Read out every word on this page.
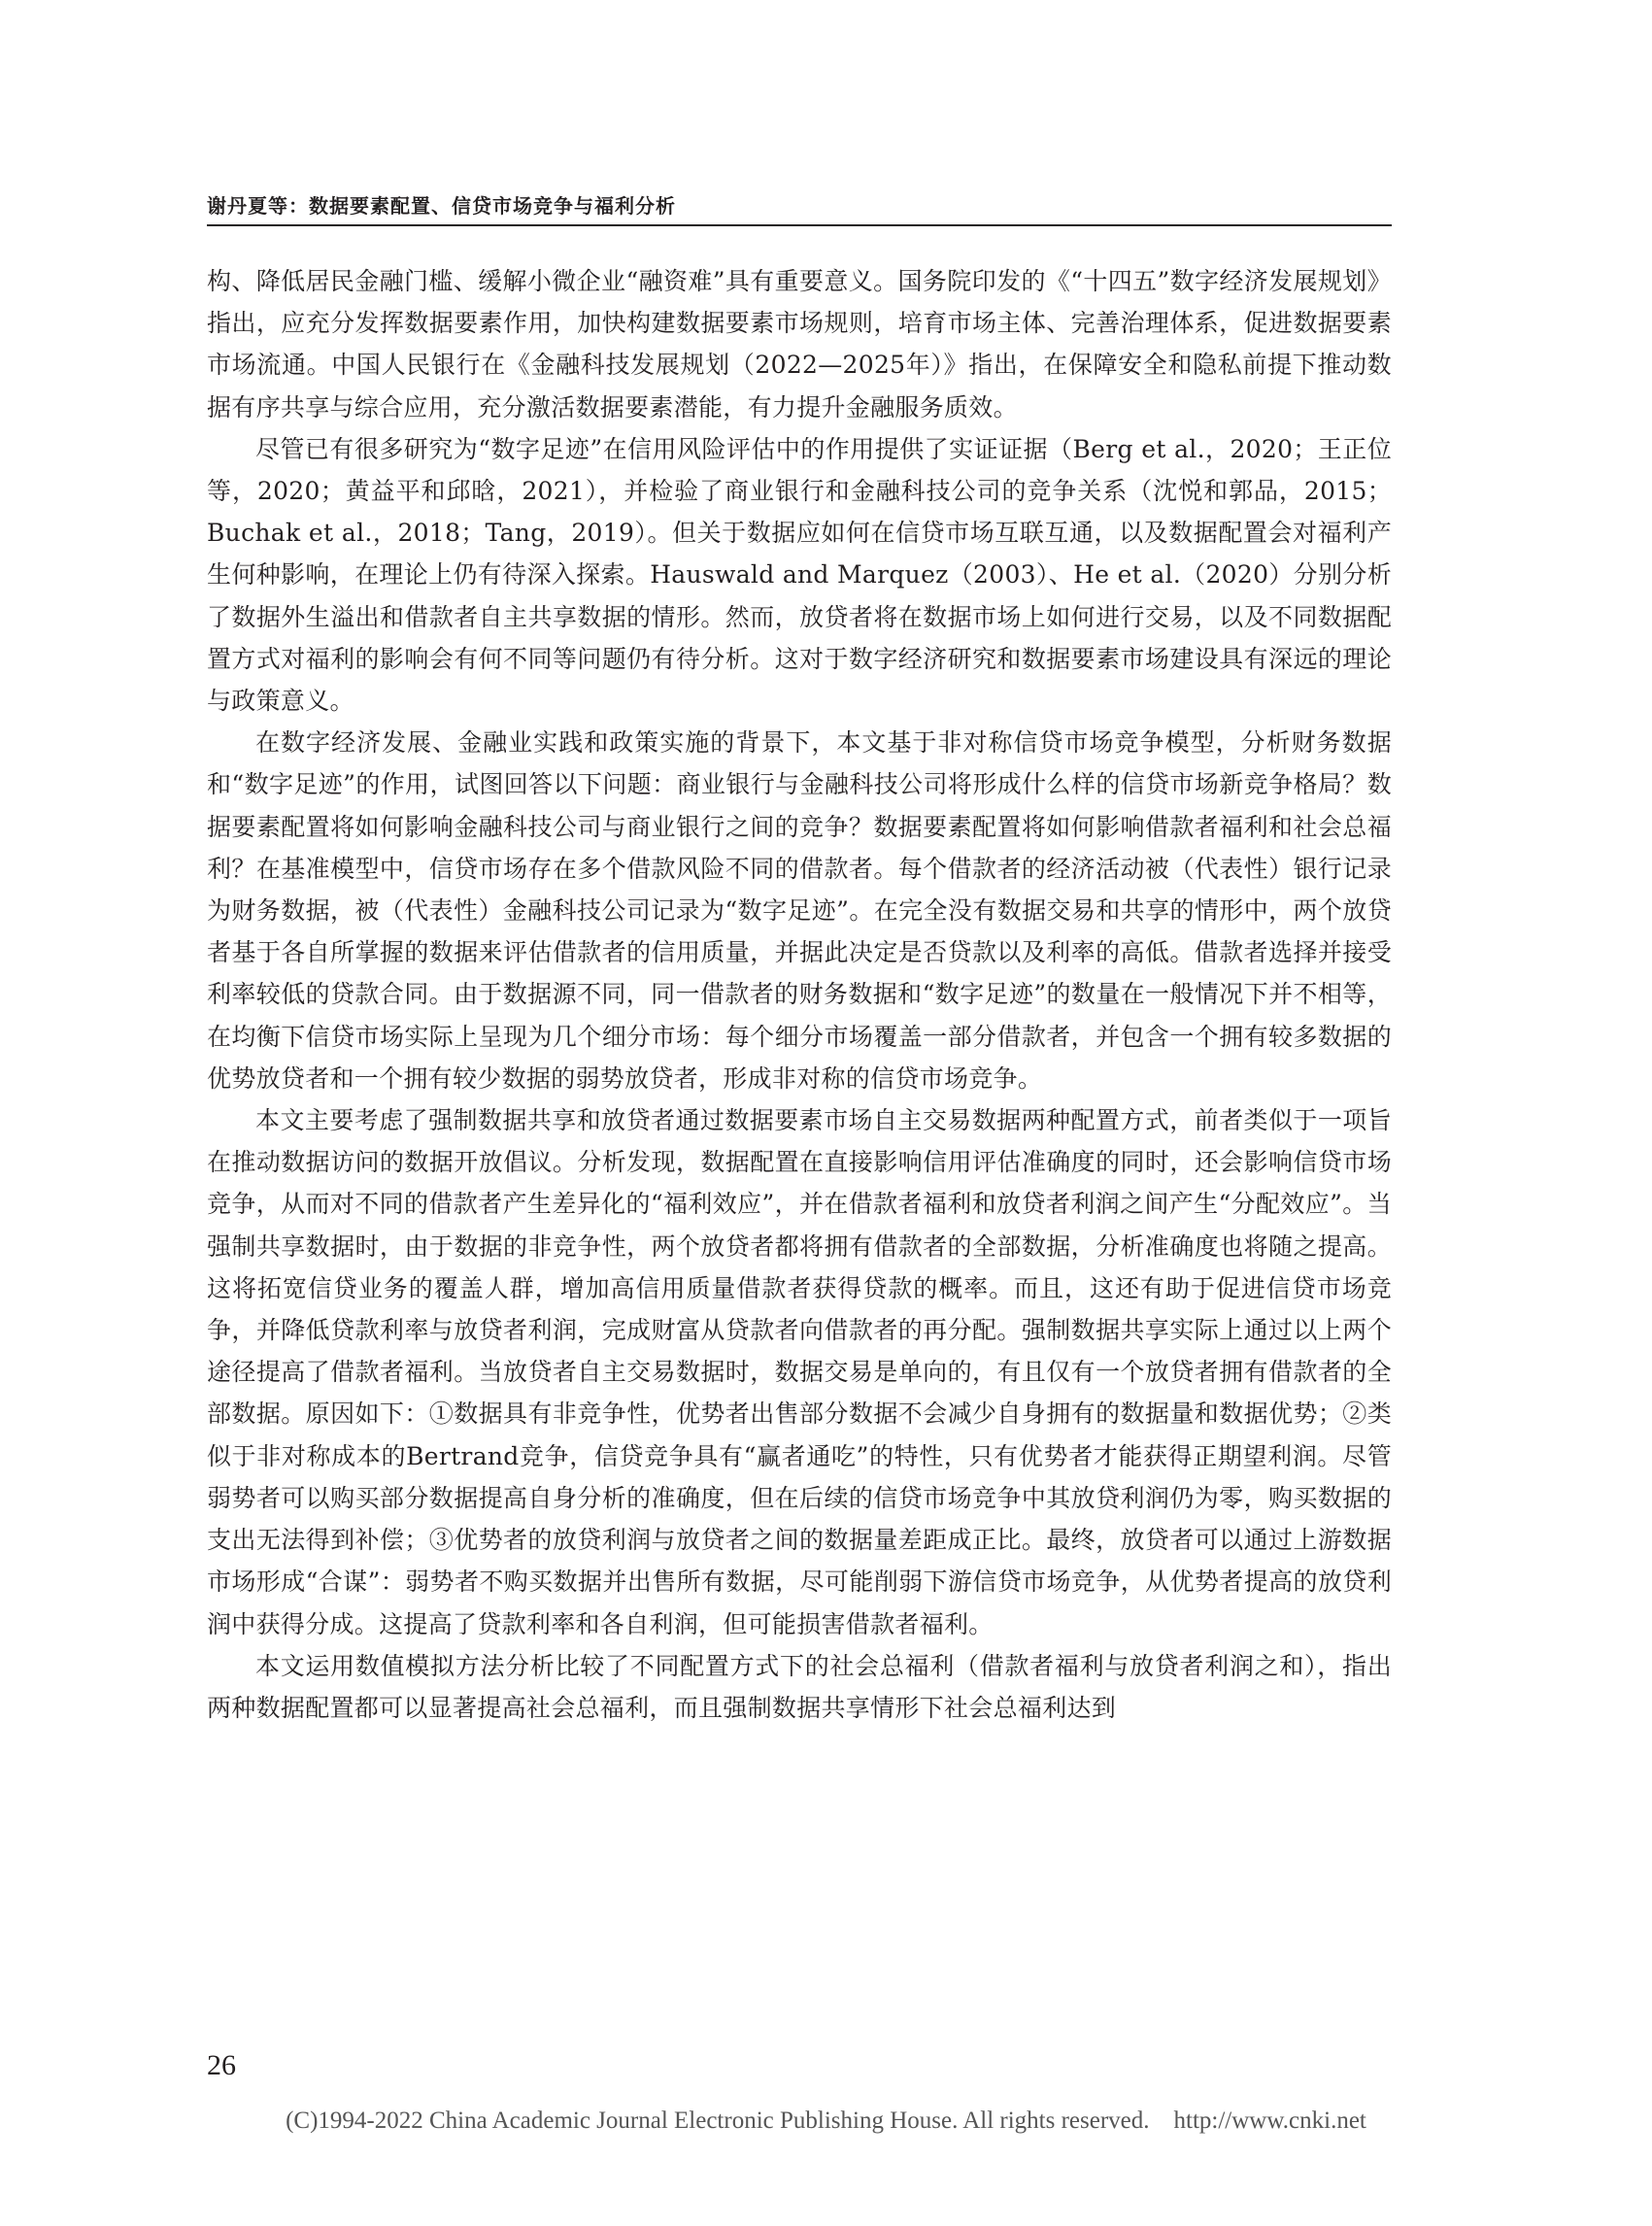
谢丹夏等：数据要素配置、信贷市场竞争与福利分析

构、降低居民金融门槛、缓解小微企业“融资难”具有重要意义。国务院印发的《“十四五”数字经济发展规划》指出，应充分发挥数据要素作用，加快构建数据要素市场规则，培育市场主体、完善治理体系，促进数据要素市场流通。中国人民银行在《金融科技发展规划（2022—2025年）》指出，在保障安全和隐私前提下推动数据有序共享与综合应用，充分激活数据要素潜能，有力提升金融服务质效。

尽管已有很多研究为“数字足迹”在信用风险评估中的作用提供了实证证据（Berg et al.，2020；王正位等，2020；黄益平和邱晗，2021），并检验了商业银行和金融科技公司的竞争关系（沈悦和郭品，2015；Buchak et al.，2018；Tang，2019）。但关于数据应如何在信贷市场互联互通，以及数据配置会对福利产生何种影响，在理论上仍有待深入探索。Hauswald and Marquez（2003）、He et al.（2020）分别分析了数据外生溢出和借款者自主共享数据的情形。然而，放贷者将在数据市场上如何进行交易，以及不同数据配置方式对福利的影响会有何不同等问题仍有待分析。这对于数字经济研究和数据要素市场建设具有深远的理论与政策意义。

在数字经济发展、金融业实践和政策实施的背景下，本文基于非对称信贷市场竞争模型，分析财务数据和“数字足迹”的作用，试图回答以下问题：商业银行与金融科技公司将形成什么样的信贷市场新竞争格局？数据要素配置将如何影响金融科技公司与商业银行之间的竞争？数据要素配置将如何影响借款者福利和社会总福利？在基准模型中，信贷市场存在多个借款风险不同的借款者。每个借款者的经济活动被（代表性）银行记录为财务数据，被（代表性）金融科技公司记录为“数字足迹”。在完全没有数据交易和共享的情形中，两个放贷者基于各自所掌握的数据来评估借款者的信用质量，并据此决定是否贷款以及利率的高低。借款者选择并接受利率较低的贷款合同。由于数据源不同，同一借款者的财务数据和“数字足迹”的数量在一般情况下并不相等，在均衡下信贷市场实际上呈现为几个细分市场：每个细分市场覆盖一部分借款者，并包含一个拥有较多数据的优势放贷者和一个拥有较少数据的弱势放贷者，形成非对称的信贷市场竞争。

本文主要考虑了强制数据共享和放贷者通过数据要素市场自主交易数据两种配置方式，前者类似于一项旨在推动数据访问的数据开放倡议。分析发现，数据配置在直接影响信用评估准确度的同时，还会影响信贷市场竞争，从而对不同的借款者产生差异化的“福利效应”，并在借款者福利和放贷者利润之间产生“分配效应”。当强制共享数据时，由于数据的非竞争性，两个放贷者都将拥有借款者的全部数据，分析准确度也将随之提高。这将拓宽信贷业务的覆盖人群，增加高信用质量借款者获得贷款的概率。而且，这还有助于促进信贷市场竞争，并降低贷款利率与放贷者利润，完成财富从贷款者向借款者的再分配。强制数据共享实际上通过以上两个途径提高了借款者福利。当放贷者自主交易数据时，数据交易是单向的，有且仅有一个放贷者拥有借款者的全部数据。原因如下：①数据具有非竞争性，优势者出售部分数据不会减少自身拥有的数据量和数据优势；②类似于非对称成本的Bertrand竞争，信贷竞争具有“赢者通吃”的特性，只有优势者才能获得正期望利润。尽管弱势者可以购买部分数据提高自身分析的准确度，但在后续的信贷市场竞争中其放贷利润仍为零，购买数据的支出无法得到补偿；③优势者的放贷利润与放贷者之间的数据量差距成正比。最终，放贷者可以通过上游数据市场形成“合谋”：弱势者不购买数据并出售所有数据，尽可能削弱下游信贷市场竞争，从优势者提高的放贷利润中获得分成。这提高了贷款利率和各自利润，但可能损害借款者福利。

本文运用数值模拟方法分析比较了不同配置方式下的社会总福利（借款者福利与放贷者利润之和），指出两种数据配置都可以显著提高社会总福利，而且强制数据共享情形下社会总福利达到

26
(C)1994-2022 China Academic Journal Electronic Publishing House. All rights reserved.    http://www.cnki.net
